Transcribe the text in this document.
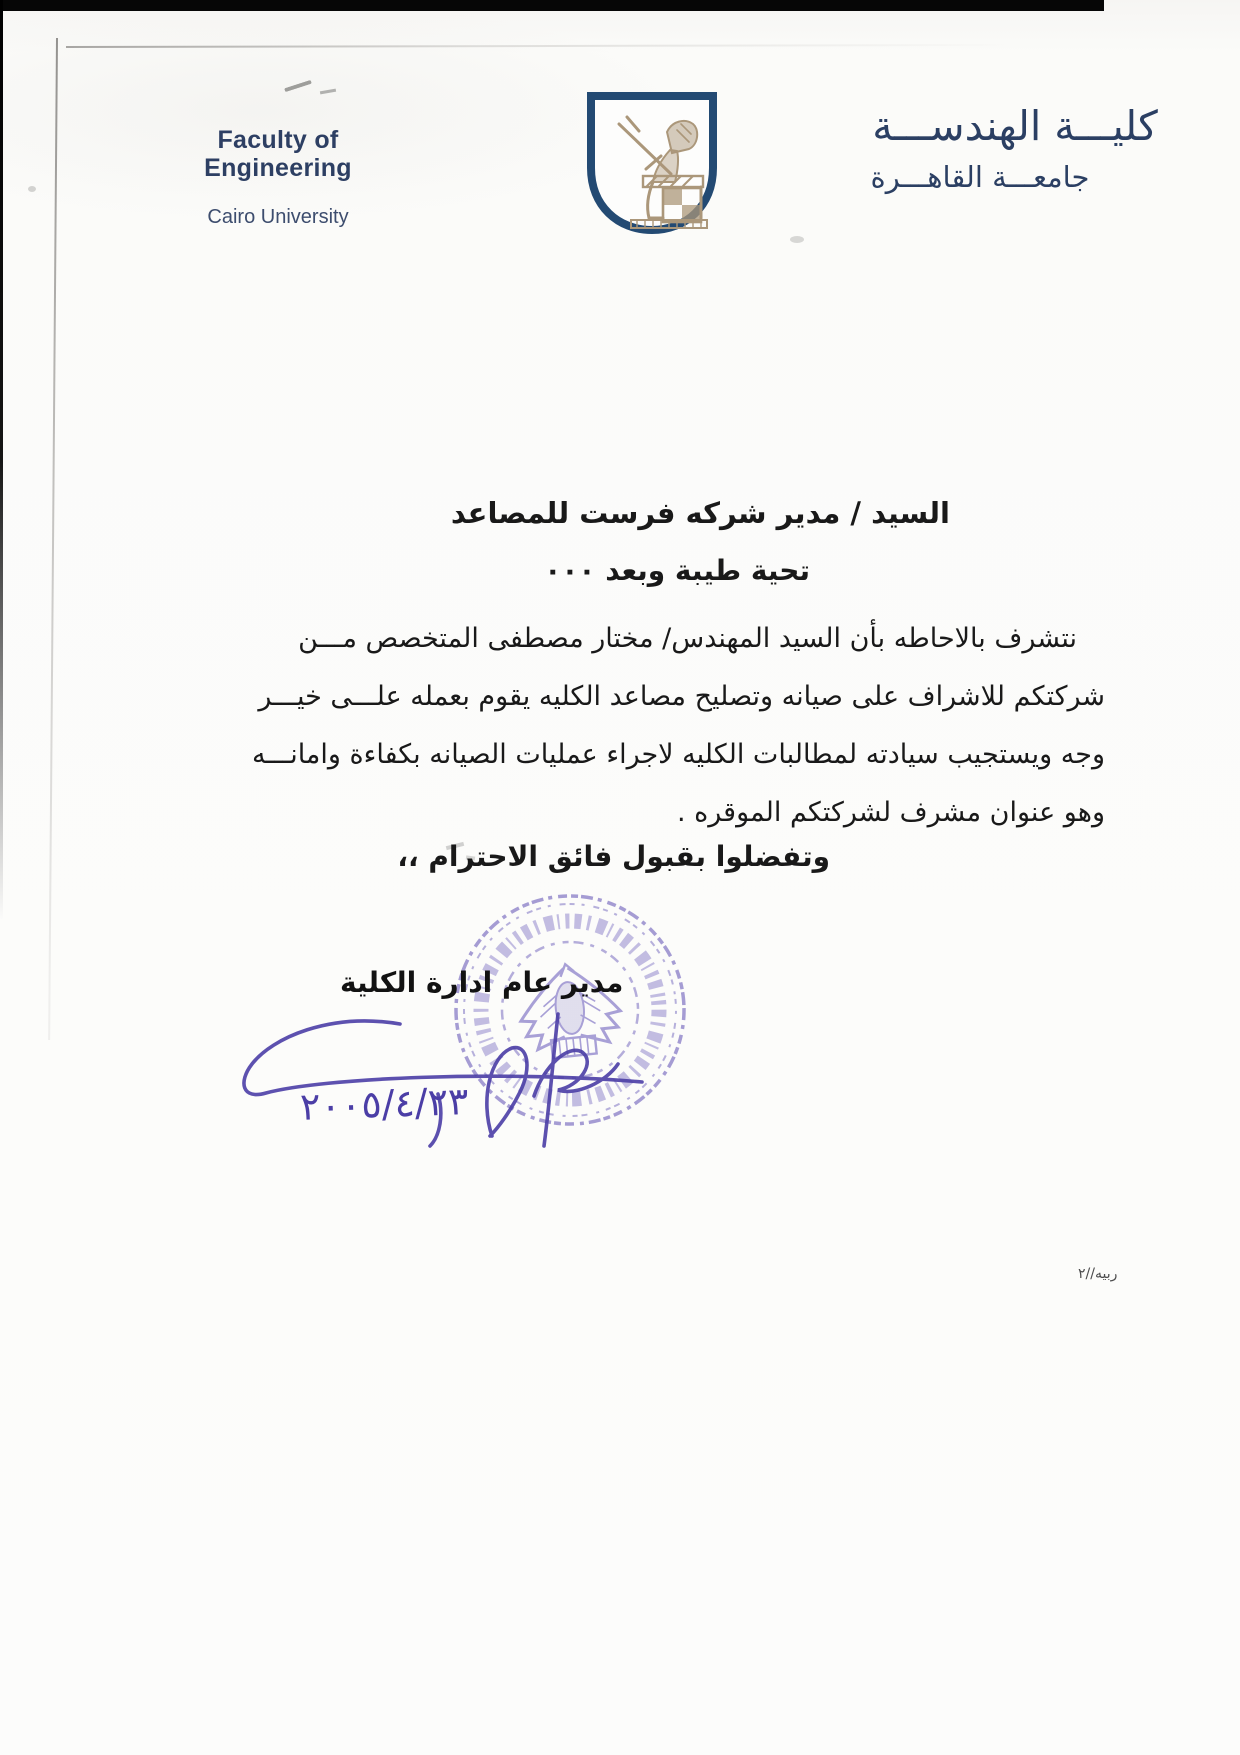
Faculty of Engineering
Cairo University
كليـــة الهندســـة
جامعـــة القاهـــرة
السيد / مدير شركه فرست للمصاعد
تحية طيبة وبعد ٠٠٠
نتشرف بالاحاطه بأن السيد المهندس/ مختار مصطفى المتخصص مـــن
شركتكم للاشراف على صيانه وتصليح مصاعد الكليه يقوم بعمله علـــى خيـــر
وجه ويستجيب سيادته لمطالبات الكليه لاجراء عمليات الصيانه بكفاءة وامانـــه
وهو عنوان مشرف لشركتكم الموقره .
وتفضلوا بقبول فائق الاحترام ،،
مدير عام ادارة الكلية
٢٠٠٥/٤/٢٣
ربيه//٢
